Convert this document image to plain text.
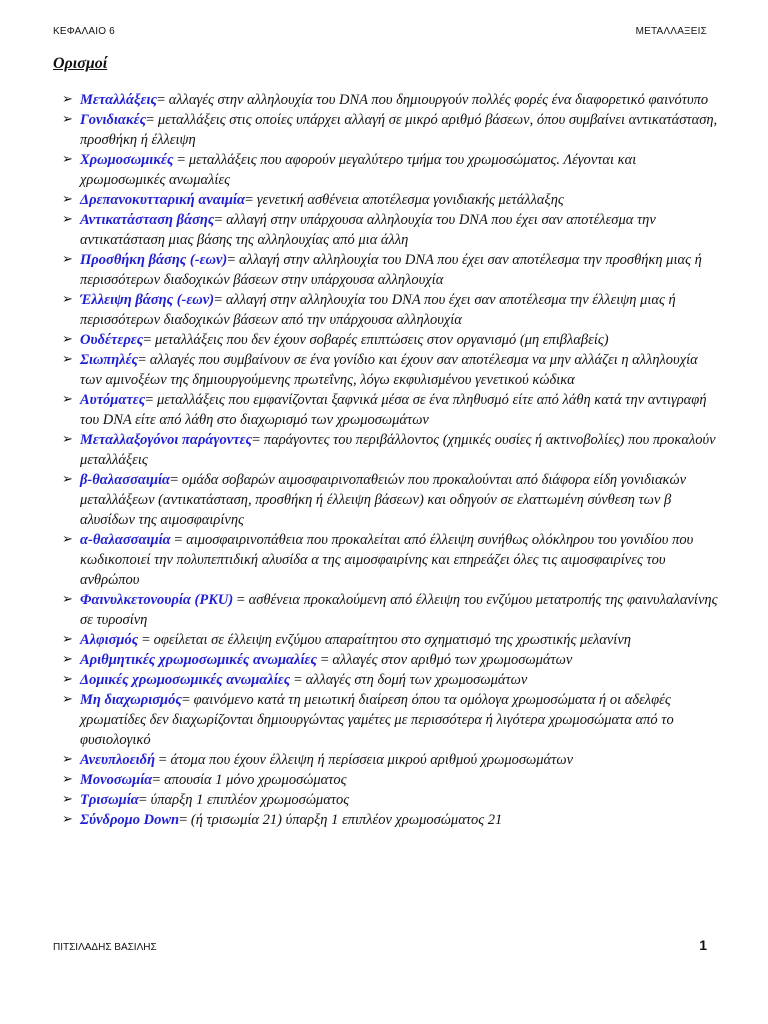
ΚΕΦΑΛΑΙΟ 6	ΜΕΤΑΛΛΑΞΕΙΣ
Ορισμοί
➢ Μεταλλάξεις= αλλαγές στην αλληλουχία του DNA που δημιουργούν πολλές φορές ένα διαφορετικό φαινότυπο
➢ Γονιδιακές= μεταλλάξεις στις οποίες υπάρχει αλλαγή σε μικρό αριθμό βάσεων, όπου συμβαίνει αντικατάσταση, προσθήκη ή έλλειψη
➢ Χρωμοσωμικές = μεταλλάξεις που αφορούν μεγαλύτερο τμήμα του χρωμοσώματος. Λέγονται και χρωμοσωμικές ανωμαλίες
➢ Δρεπανοκυτταρική αναιμία= γενετική ασθένεια αποτέλεσμα γονιδιακής μετάλλαξης
➢ Αντικατάσταση βάσης= αλλαγή στην υπάρχουσα αλληλουχία του DNA που έχει σαν αποτέλεσμα την αντικατάσταση μιας βάσης της αλληλουχίας από μια άλλη
➢ Προσθήκη βάσης (-εων)= αλλαγή στην αλληλουχία του DNA που έχει σαν αποτέλεσμα την προσθήκη μιας ή περισσότερων διαδοχικών βάσεων στην υπάρχουσα αλληλουχία
➢ Έλλειψη βάσης (-εων)= αλλαγή στην αλληλουχία του DNA που έχει σαν αποτέλεσμα την έλλειψη μιας ή περισσότερων διαδοχικών βάσεων από την υπάρχουσα αλληλουχία
➢ Ουδέτερες= μεταλλάξεις που δεν έχουν σοβαρές επιπτώσεις στον οργανισμό (μη επιβλαβείς)
➢ Σιωπηλές= αλλαγές που συμβαίνουν σε ένα γονίδιο και έχουν σαν αποτέλεσμα να μην αλλάζει η αλληλουχία των αμινοξέων της δημιουργούμενης πρωτεΐνης, λόγω εκφυλισμένου γενετικού κώδικα
➢ Αυτόματες= μεταλλάξεις που εμφανίζονται ξαφνικά μέσα σε ένα πληθυσμό είτε από λάθη κατά την αντιγραφή του DNA είτε από λάθη στο διαχωρισμό των χρωμοσωμάτων
➢ Μεταλλαξογόνοι παράγοντες= παράγοντες του περιβάλλοντος (χημικές ουσίες ή ακτινοβολίες) που προκαλούν μεταλλάξεις
➢ β-θαλασσαιμία= ομάδα σοβαρών αιμοσφαιρινοπαθειών που προκαλούνται από διάφορα είδη γονιδιακών μεταλλάξεων (αντικατάσταση, προσθήκη ή έλλειψη βάσεων) και οδηγούν σε ελαττωμένη σύνθεση των β αλυσίδων της αιμοσφαιρίνης
➢ α-θαλασσαιμία = αιμοσφαιρινοπάθεια που προκαλείται από έλλειψη συνήθως ολόκληρου του γονιδίου που κωδικοποιεί την πολυπεπτιδική αλυσίδα α της αιμοσφαιρίνης και επηρεάζει όλες τις αιμοσφαιρίνες του ανθρώπου
➢ Φαινυλκετονουρία (PKU) = ασθένεια προκαλούμενη από έλλειψη του ενζύμου μετατροπής της φαινυλαλανίνης σε τυροσίνη
➢ Αλφισμός = οφείλεται σε έλλειψη ενζύμου απαραίτητου στο σχηματισμό της χρωστικής μελανίνη
➢ Αριθμητικές χρωμοσωμικές ανωμαλίες = αλλαγές στον αριθμό των χρωμοσωμάτων
➢ Δομικές χρωμοσωμικές ανωμαλίες = αλλαγές στη δομή των χρωμοσωμάτων
➢ Μη διαχωρισμός= φαινόμενο κατά τη μειωτική διαίρεση όπου τα ομόλογα χρωμοσώματα ή οι αδελφές χρωματίδες δεν διαχωρίζονται δημιουργώντας γαμέτες με περισσότερα ή λιγότερα χρωμοσώματα από το φυσιολογικό
➢ Ανευπλοειδή = άτομα που έχουν έλλειψη ή περίσσεια μικρού αριθμού χρωμοσωμάτων
➢ Μονοσωμία= απουσία 1 μόνο χρωμοσώματος
➢ Τρισωμία= ύπαρξη 1 επιπλέον χρωμοσώματος
➢ Σύνδρομο Down= (ή τρισωμία 21) ύπαρξη 1 επιπλέον χρωμοσώματος 21
ΠΙΤΣΙΛΑΔΗΣ ΒΑΣΙΛΗΣ	1
